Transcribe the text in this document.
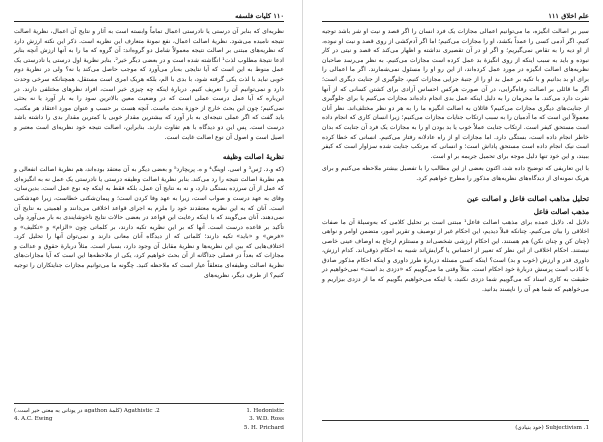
۱۱۰ کلیات فلسفه

نظریه‌ای که بنابر آن درستی یا نادرستی اعمال تماماً وابسته است به آثار و نتایج آن اعمال، نظریهٔ اصالت نتیجه نامیده می‌شود. نظریهٔ اصالت اعمال، نفع نمونهٔ متعارف این نظریه است. ذکر این نکته ارزش دارد که نظریه‌های مبتنی بر اصالت نتیجه معمولاً شامل دو گروه‌اند: آن گروه که ما را به آنها ارزش آنچه بنابر ادعا نتیجهٔ مطلوب لذت¹ انگاشته شده است و در بعضی دیگر خیر². بنابر نظریهٔ اول درستی یا نادرستی یک عمل منوط به این است که آیا نتایجی به‌بار می‌آورد که موجب حاصل می‌کند یا نه؟ ولی در نظریهٔ دوم خوبی نباید با لذت یکی گرفته شود، با بدی با الم، بلکه هریک امری است مستقل، همچنانکه سرخی وحدت دارد و نمی‌توانیم آن را تعریف کنیم. دربارهٔ اینکه چه چیزی خیر است، افراد نظرهای مختلفی دارند. در این‌باره که آیا عمل درست عملی است که در وضعیت معین بالاترین سود را به بار آورد یا نه بحثی نمی‌کنیم؛ چون این بحث خارج از حوزهٔ بحث ماست. آنچه هست بر حسب و عنوان مورد اعتقاد هر مکتب، باید گفت که اگر عملی نتیجه‌ای به بار آورد که بیشترین مقدار خوبی یا کمترین مقدار بدی را داشته باشد درست است. پس این دو دیدگاه با هم تفاوت دارند. بنابراین، اصالت نتیجه خود نظریه‌ای است معتبر و اصیل است و اصول آن نوع اصالت غایت است.

نظریهٔ اصالت وظیفه

(که و.د. رُس³ و اسی. اوینگ⁴ و ه. پریچارد⁵ و بعضی دیگر به آن معتقد بوده‌اند، هم نظریهٔ اصالت انفعالی و هم نظریهٔ اصالت نتیجه را رد می‌کند. بنابر نظریهٔ اصالت وظیفه درستی یا نادرستی یک عمل نه به انگیزه‌ای که عمل از آن سرزده بستگی دارد، و نه به نتایج آن عمل، بلکه فقط به اینکه چه نوع عمل است. بدین‌سان، وفای به عهد درست و صواب است، زیرا به عهد وفا کردن است؛ و پیمان‌شکنی خطاست، زیرا عهدشکنی است. آنان که به این نظریه معتقدند خود را ملزم به اجرای قواعد اخلاقی می‌دانند و اهمیتی به نتایج آن نمی‌دهند. آنان می‌گویند که با اینکه رعایت این قواعد در بعضی حالات نتایج ناخوشایندی به بار می‌آورد ولی تأکید بر قاعده درست است. آنها که بر این نظریه تکیه دارند، بر کلماتی چون «الزام» و «تکلیف» و «فرض» و «باید» تکیه دارند؛ کلماتی که از دیدگاه آنان معانی دارند و نمی‌توان آنها را تحلیل کرد. اختلاف‌هایی که بین این نظریه‌ها و نظریهٔ مقابل آن وجود دارد، بسیار است. مثلاً دربارهٔ حقوق و عدالت و مجازات که بعداً در فصلی جداگانه از آن بحث خواهیم کرد، یکی از ملاحظه‌ها این است که آیا مجازات‌های نظریهٔ اصالت وظیفه‌ای متعلقاً عیار است که ملاحظه کنید. چگونه ما می‌توانیم مجازات جنایتکاران را توجیه کنیم؟ از طرف دیگر، نظریه‌های

1. Hedonistic
2. Agathistic (کلمهٔ agathon در یونانی به معنی خیر است.)
3. W.D. Ross
4. A.C. Ewing
5. H. Prichard
علم اخلاق ۱۱۱

سیر بر اصالت انگیزه، ما می‌توانیم اعمالی مجازات یک فرد انسان را اگر قصد و نیت او شر باشد توجیه کنیم. اگر آدمی کسی را عمداً بکشد، او را مجازات می‌کنیم؛ اما اگر آدم‌کشی از روی قصد و نیت او نبوده، از او دیه را به تقاص نمی‌گیریم؛ و اگر او در آن تقصیری نداشته و اظهار می‌کند که قصد و نیتی در کار نبوده و باید به سبب اینکه از روی انگیزهٔ بد عمل کرده است مجازات می‌کنیم. به نظر می‌رسد صاحبان نظریه‌های اصالت انگیزه در مورد عمل کرده‌اند، از این رو او را مسئول نمی‌شمارند. اگر ما اعمالی را برای او بد بدانیم و با تکیه بر عمل بد او را از جنبهٔ جزایی مجازات کنیم، جلوگیری از جنایت دیگری است؛ اگر ما قائلی بر اصالت رفاه‌گرایی، در آن صورت هرکس احساس آزادی برای کشتن کسانی که از آنها نفرت دارد می‌کند. ما محرمان را به دلیل اینکه عمل بدی انجام داده‌اند مجازات می‌کنیم یا برای جلوگیری از جنایت‌های دیگری مجازات می‌کنیم؟ قائلان به اصالت انگیزه ما را به هر دو نظر مختلف‌اند. نظر آنان معمولاً این است که ما آدمیان را به سبب ارتکاب جنایات مجازات می‌کنیم؛ زیرا انسان کاری که انجام داده است مستحق کیفر است. ارتکاب جنایت عملاً خوب یا بد بودن او را به مجازات یک فرد آن جنایت که بدان خاطر انجام داده است، بستگی دارد. اما مجازات او از راه عادلانه رفتار می‌کنیم. انسانی که خطا کرده است نیک انجام داده است مستحق پاداش است؛ و انسانی که مرتکب جنایت شده سزاوار است که کیفر ببیند، و این خود تنها دلیل موجه برای تحمیل جریمه بر او است.

با این تعاریفی که توضیح داده شد، اکنون بعضی از این مطالب را با تفصیل بیشتر ملاحظه می‌کنیم و برای هریک نمونه‌ای از دیدگاه‌های نظریه‌های مذکور را مطرح خواهیم کرد.

تحلیل مذاهب اصالت فاعل و اصالت عین
مذهب اصالت فاعل

دلایل له. دلایل عمده برای مذهب اصالت فاعل¹ مبتنی است بر تحلیل کلامی که به‌وسیلهٔ آن ما صفات اخلاقی را بیان می‌کنیم. چنانکه قبلاً دیدیم، این احکام غیر از توصیف و تقریر امور، متضمن اوامر و نواهی (چنان کن و چنان نکن) هم هستند. این احکام ارزشی شخصی‌اند و مستلزم ارجاع به اوصاف عینی خاصی نیستند. احکام اخلاقی از این نظر که تعبیر از احساس یا گرایش‌اند شبیه به احکام ذوقی‌اند. کدام ارزش، داوری قدر و ارزش (خوب و بد) است؟ اینکه کسی مسئله دربارهٔ طرز داوری و اینکه احکام مذکور صادق یا کاذب است پرسش دربارهٔ خود احکام است. مثلاً وقتی ما می‌گوییم که «دزدی بد است» نمی‌خواهیم در حقیقت به کاری اسناد که می‌گوییم شما دزدی نکنید، یا اینکه می‌خواهیم بگوییم که ما از دزدی بیزاریم و می‌خواهیم که شما هم آن را ناپسند بدانید.

1. Subjectivism (خود بنیادی)
